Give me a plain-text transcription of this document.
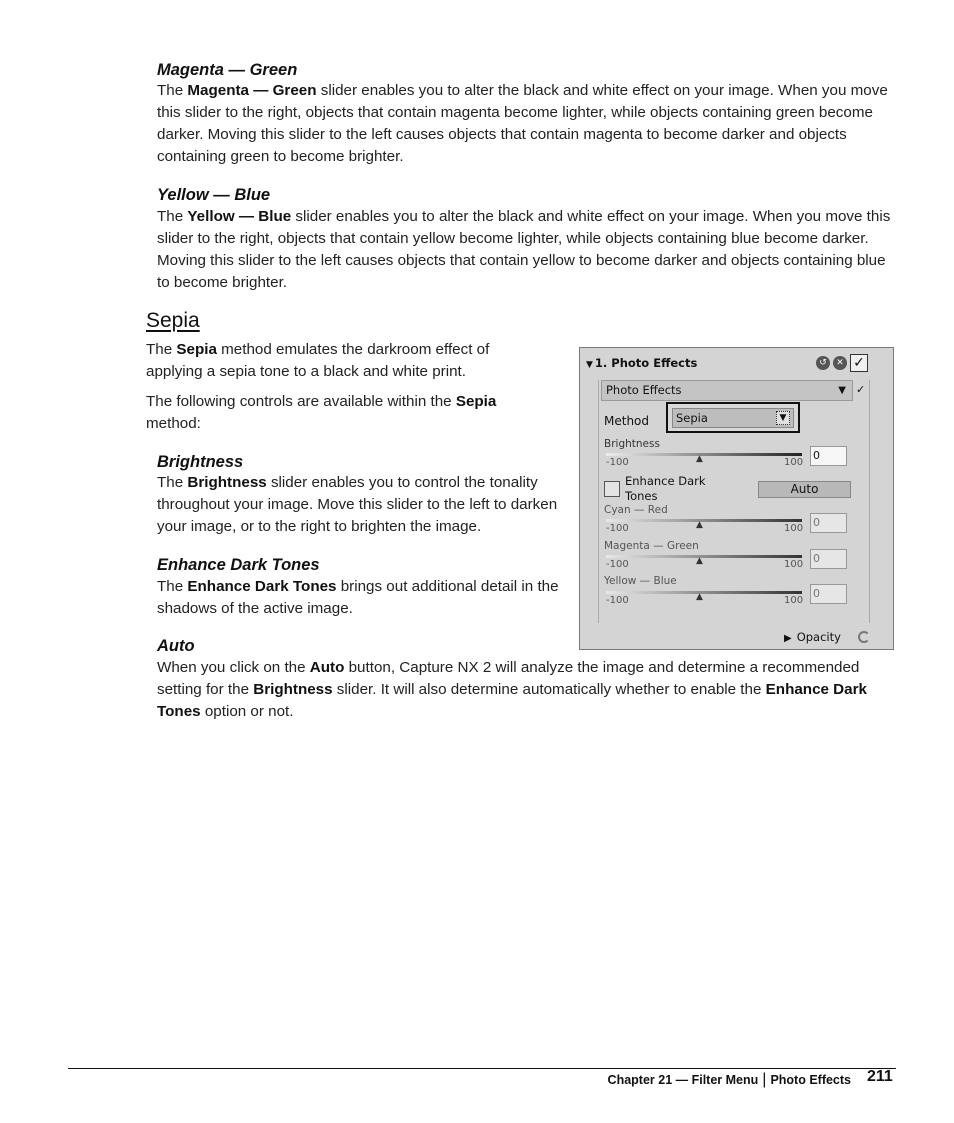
Magenta — Green
The Magenta — Green slider enables you to alter the black and white effect on your image. When you move this slider to the right, objects that contain magenta become lighter, while objects containing green become darker. Moving this slider to the left causes objects that contain magenta to become darker and objects containing green to become brighter.
Yellow — Blue
The Yellow — Blue slider enables you to alter the black and white effect on your image. When you move this slider to the right, objects that contain yellow become lighter, while objects containing blue become darker. Moving this slider to the left causes objects that contain yellow to become darker and objects containing blue to become brighter.
Sepia
The Sepia method emulates the darkroom effect of applying a sepia tone to a black and white print.
The following controls are available within the Sepia method:
Brightness
The Brightness slider enables you to control the tonality throughout your image. Move this slider to the left to darken your image, or to the right to brighten the image.
Enhance Dark Tones
The Enhance Dark Tones brings out additional detail in the shadows of the active image.
Auto
When you click on the Auto button, Capture NX 2 will analyze the image and determine a recommended setting for the Brightness slider. It will also determine automatically whether to enable the Enhance Dark Tones option or not.
▼ 1. Photo Effects	↺	✕ ✓
Photo Effects	▼ ✓
Method	Sepia	▼
Brightness
▲
-100	100
0
Enhance Dark
Tones	Auto
Cyan — Red
▲
-100	100 0
Magenta — Green
▲
-100	100 0
Yellow — Blue
▲
-100	100
0
▶ Opacity
Chapter 21 — Filter Menu | Photo Effects 211
